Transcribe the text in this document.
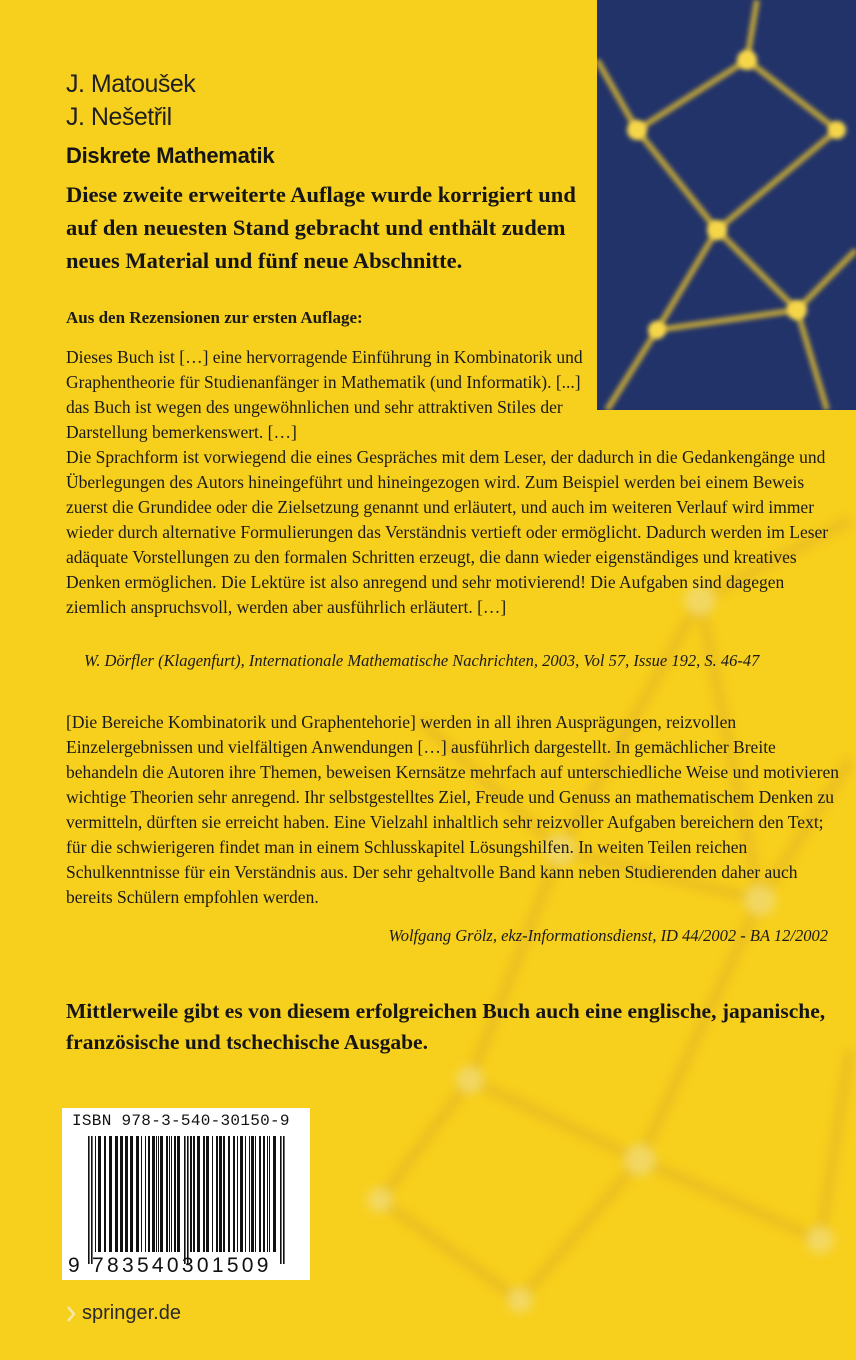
J. Matoušek
J. Nešetřil
Diskrete Mathematik

Diese zweite erweiterte Auflage wurde korrigiert und auf den neuesten Stand gebracht und enthält zudem neues Material und fünf neue Abschnitte.

Aus den Rezensionen zur ersten Auflage:

Dieses Buch ist […] eine hervorragende Einführung in Kombinatorik und Graphentheorie für Studienanfänger in Mathematik (und Informatik). [...] das Buch ist wegen des ungewöhnlichen und sehr attraktiven Stiles der Darstellung bemerkenswert. […]
Die Sprachform ist vorwiegend die eines Gespräches mit dem Leser, der dadurch in die Gedankengänge und Überlegungen des Autors hineingeführt und hineingezogen wird. Zum Beispiel werden bei einem Beweis zuerst die Grundidee oder die Zielsetzung genannt und erläutert, und auch im weiteren Verlauf wird immer wieder durch alternative Formulierungen das Verständnis vertieft oder ermöglicht. Dadurch werden im Leser adäquate Vorstellungen zu den formalen Schritten erzeugt, die dann wieder eigenständiges und kreatives Denken ermöglichen. Die Lektüre ist also anregend und sehr motivierend! Die Aufgaben sind dagegen ziemlich anspruchsvoll, werden aber ausführlich erläutert. […]

W. Dörfler (Klagenfurt), Internationale Mathematische Nachrichten, 2003, Vol 57, Issue 192, S. 46-47

[Die Bereiche Kombinatorik und Graphentehorie] werden in all ihren Ausprägungen, reizvollen Einzelergebnissen und vielfältigen Anwendungen […] ausführlich dargestellt. In gemächlicher Breite behandeln die Autoren ihre Themen, beweisen Kernsätze mehrfach auf unterschiedliche Weise und motivieren wichtige Theorien sehr anregend. Ihr selbstgestelltes Ziel, Freude und Genuss an mathematischem Denken zu vermitteln, dürften sie erreicht haben. Eine Vielzahl inhaltlich sehr reizvoller Aufgaben bereichern den Text; für die schwierigeren findet man in einem Schlusskapitel Lösungshilfen. In weiten Teilen reichen Schulkenntnisse für ein Verständnis aus. Der sehr gehaltvolle Band kann neben Studierenden daher auch bereits Schülern empfohlen werden.

Wolfgang Grölz, ekz-Informationsdienst, ID 44/2002 - BA 12/2002

Mittlerweile gibt es von diesem erfolgreichen Buch auch eine englische, japanische, französische und tschechische Ausgabe.

ISBN 978-3-540-30150-9
9 783540301509
springer.de
